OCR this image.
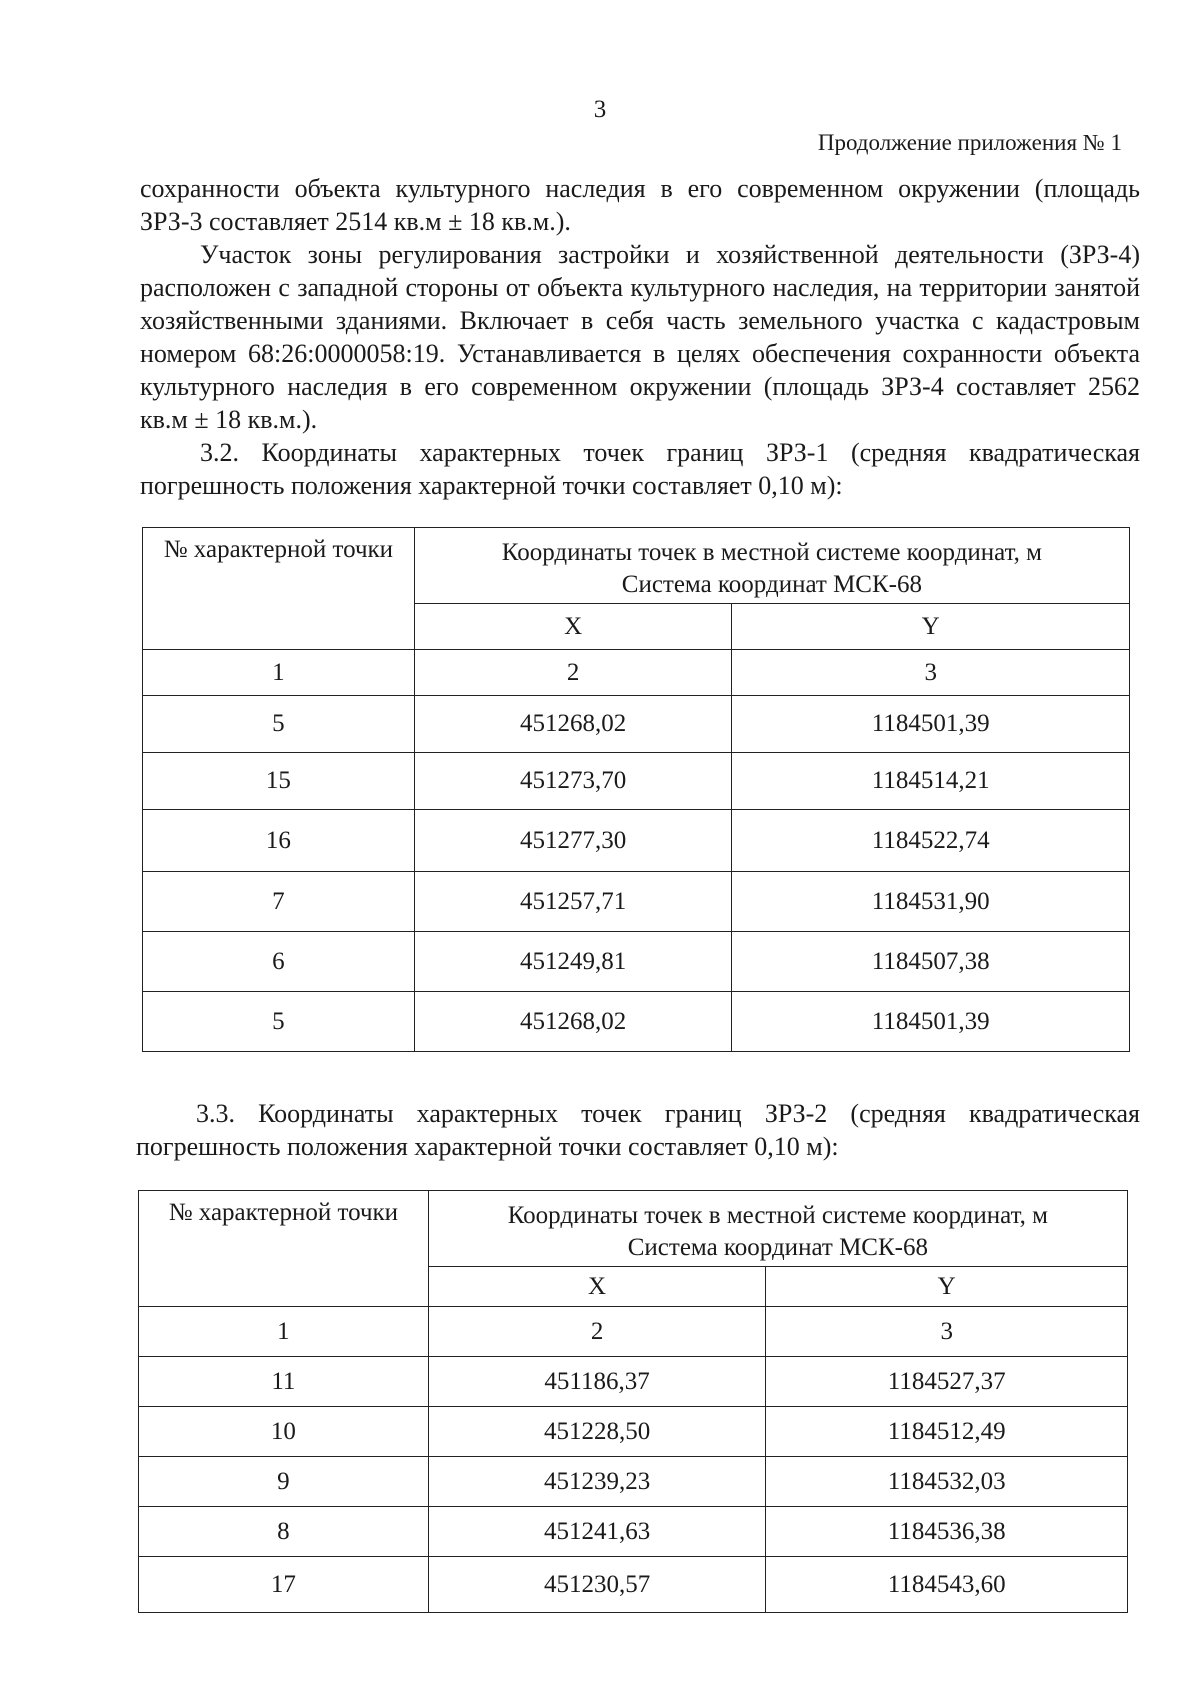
3
Продолжение приложения № 1

сохранности объекта культурного наследия в его современном окружении (площадь ЗРЗ-3 составляет 2514 кв.м ± 18 кв.м.).

Участок зоны регулирования застройки и хозяйственной деятельности (ЗРЗ-4) расположен с западной стороны от объекта культурного наследия, на территории занятой хозяйственными зданиями. Включает в себя часть земельного участка с кадастровым номером 68:26:0000058:19. Устанавливается в целях обеспечения сохранности объекта культурного наследия в его современном окружении (площадь ЗРЗ-4 составляет 2562 кв.м ± 18 кв.м.).

3.2. Координаты характерных точек границ ЗРЗ-1 (средняя квадратическая погрешность положения характерной точки составляет 0,10 м):

№ характерной точки	Координаты точек в местной системе координат, м
Система координат МСК-68	

	X	Y
1	2	3
5	451268,02	1184501,39
15	451273,70	1184514,21
16	451277,30	1184522,74
7	451257,71	1184531,90
6	451249,81	1184507,38
5	451268,02	1184501,39

3.3. Координаты характерных точек границ ЗРЗ-2 (средняя квадратическая погрешность положения характерной точки составляет 0,10 м):

№ характерной точки	Координаты точек в местной системе координат, м
Система координат МСК-68	

	X	Y
1	2	3
11	451186,37	1184527,37
10	451228,50	1184512,49
9	451239,23	1184532,03
8	451241,63	1184536,38
17	451230,57	1184543,60
